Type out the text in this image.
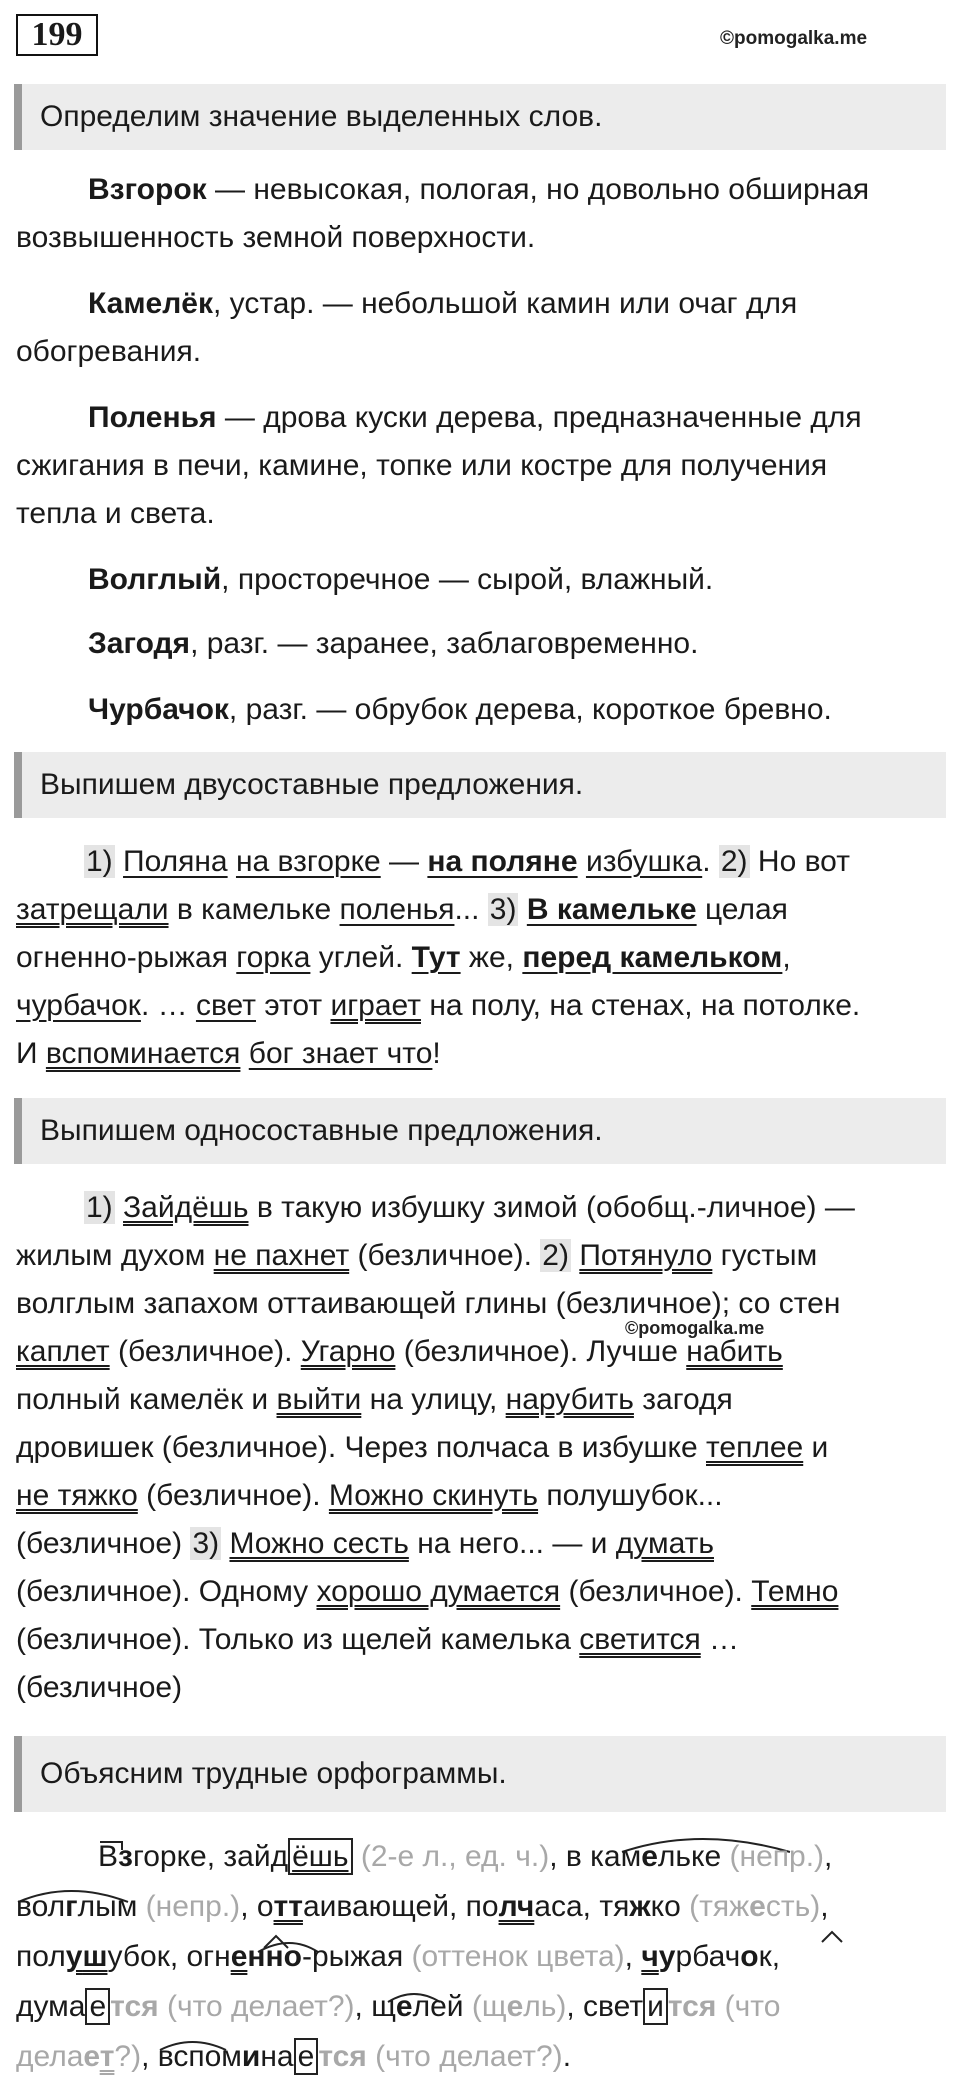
199	©pomogalka.me
Определим значение выделенных слов.
Взгорок — невысокая, пологая, но довольно обширная
возвышенность земной поверхности.
Камелёк, устар. — небольшой камин или очаг для
обогревания.
Поленья — дрова куски дерева, предназначенные для
сжигания в печи, камине, топке или костре для получения
тепла и света.
Волглый, просторечное — сырой, влажный.
Загодя, разг. — заранее, заблаговременно.
Чурбачок, разг. — обрубок дерева, короткое бревно.
Выпишем двусоставные предложения.
1) Поляна на взгорке — на поляне избушка. 2) Но вот
затрещали в камельке поленья... 3) В камельке целая
огненно-рыжая горка углей. Тут же, перед камельком,
чурбачок. … свет этот играет на полу, на стенах, на потолке.
И вспоминается бог знает что!
Выпишем односоставные предложения.
1) Зайдёшь в такую избушку зимой (обобщ.-личное) —
жилым духом не пахнет (безличное). 2) Потянуло густым
волглым запахом оттаивающей глины (безличное); со стен
каплет (безличное). Угарно (безличное). Лучше набить
полный камелёк и выйти на улицу, нарубить загодя
дровишек (безличное). Через полчаса в избушке теплее и
не тяжко (безличное). Можно скинуть полушубок...
(безличное) 3) Можно сесть на него... — и думать
(безличное). Одному хорошо думается (безличное). Темно
(безличное). Только из щелей камелька светится …
(безличное)
©pomogalka.me
Объясним трудные орфограммы.
Взгорке, зайд ёшь (2-е л., ед. ч.), в камельке (непр.),
волглым (непр.), оттаивающей, полчаса, тяжко (тяжесть),
полушубок, огненно-рыжая (оттенок цвета), чурбачок,
дума е тся (что делает?), щелей (щель), свет и тся (что
делает?), вспомина е тся (что делает?).
